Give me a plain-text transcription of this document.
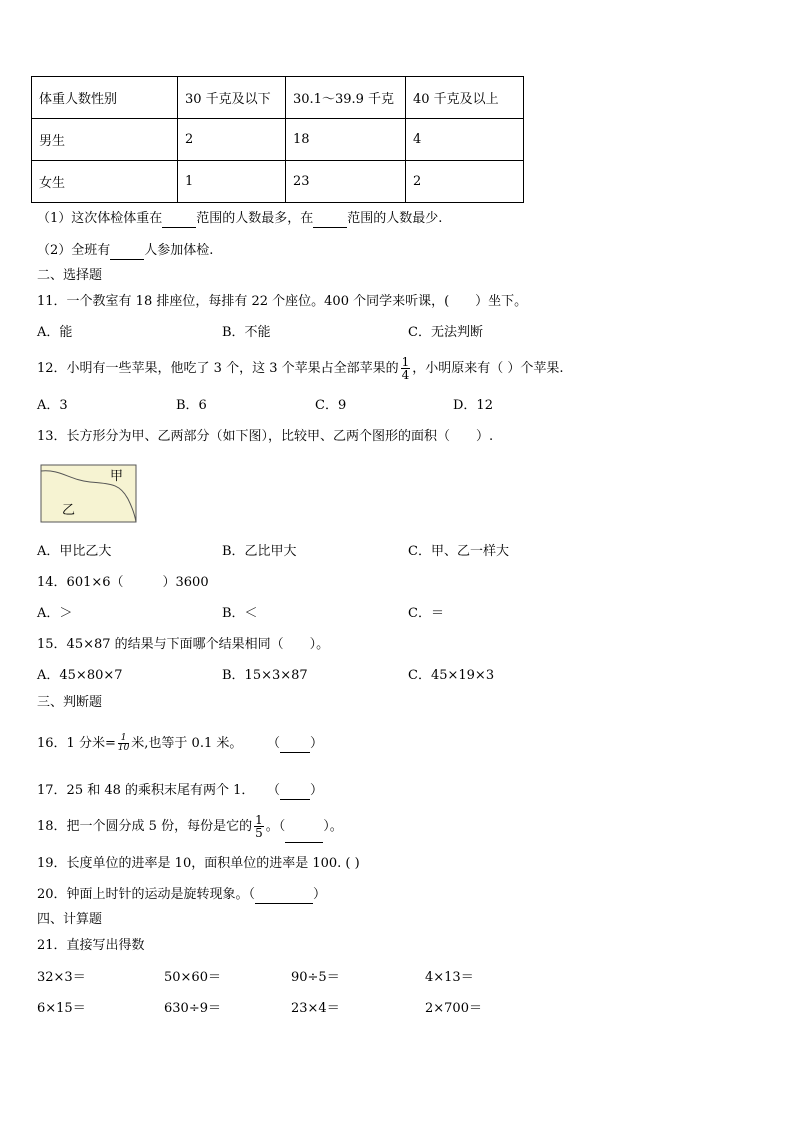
体重人数性别	30 千克及以下	30.1～39.9 千克	40 千克及以上
男生	2	18	4
女生	1	23	2
（1）这次体检体重在	范围的人数最多，在	范围的人数最少.
（2）全班有	人参加体检.
二、选择题
11．一个教室有 18 排座位，每排有 22 个座位。400 个同学来听课，(　　）坐下。
A．能	B．不能	C．无法判断
12．小明有一些苹果，他吃了 3 个，这 3 个苹果占全部苹果的 $\frac{1}{4}$ ，小明原来有（ ）个苹果.
A．3	B．6	C．9	D．12
13．长方形分为甲、乙两部分（如下图），比较甲、乙两个图形的面积（　　）.
甲
乙
A．甲比乙大	B．乙比甲大	C．甲、乙一样大
14．601×6（　　　）3600
A．＞	B．＜	C．＝
15．45×87 的结果与下面哪个结果相同（　　）。
A．45×80×7	B．15×3×87	C．45×19×3
三、判断题
16．1 分米= $\frac{1}{10}$ 米,也等于 0.1 米。 （ ）
17．25 和 48 的乘积末尾有两个 1． （ ）
18．把一个圆分成 5 份，每份是它的 $\frac{1}{5}$ 。（	）。
19．长度单位的进率是 10，面积单位的进率是 100. ( )
20．钟面上时针的运动是旋转现象。（	）
四、计算题
21．直接写出得数
32×3＝	50×60＝	90÷5＝	4×13＝
6×15＝	630÷9＝	23×4＝	2×700＝
